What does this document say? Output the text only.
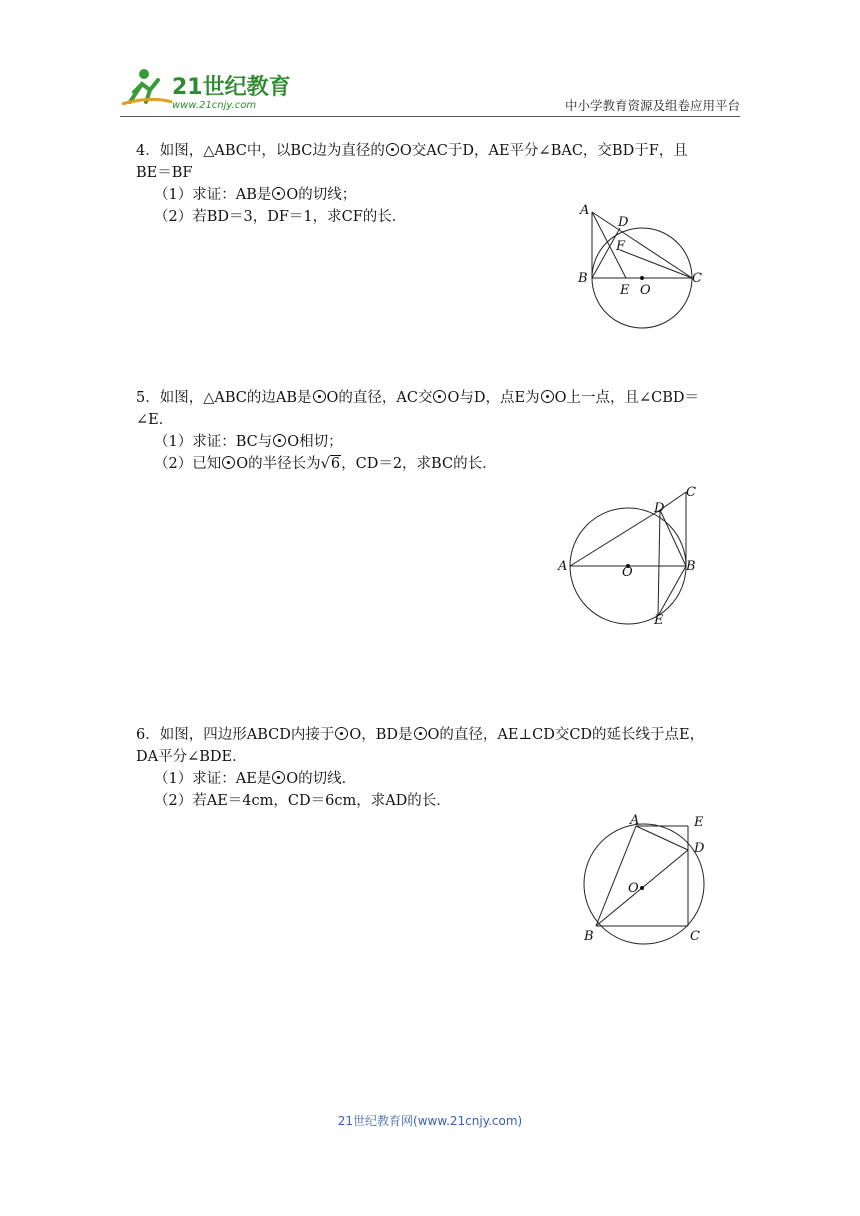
21世纪教育
www.21cnjy.com	中小学教育资源及组卷应用平台

4．如图，△ABC中，以BC边为直径的 O交AC于D，AE平分∠BAC，交BD于F，且

BE＝BF

（1）求证：AB是 O的切线；

（2）若BD＝3，DF＝1，求CF的长．	A
D
F
B
E O
C

5．如图，△ABC的边AB是 O的直径，AC交 O与D，点E为 O上一点，且∠CBD＝

∠E．

（1）求证：BC与 O相切；

（2）已知 O的半径长为√6，CD＝2，求BC的长．

A	O	B
C
D
E

6．如图，四边形ABCD内接于 O，BD是 O的直径，AE⊥CD交CD的延长线于点E，

DA平分∠BDE．

（1）求证：AE是 O的切线．

（2）若AE＝4cm，CD＝6cm，求AD的长．

A	E
D
O
B	C
21世纪教育网(www.21cnjy.com)
